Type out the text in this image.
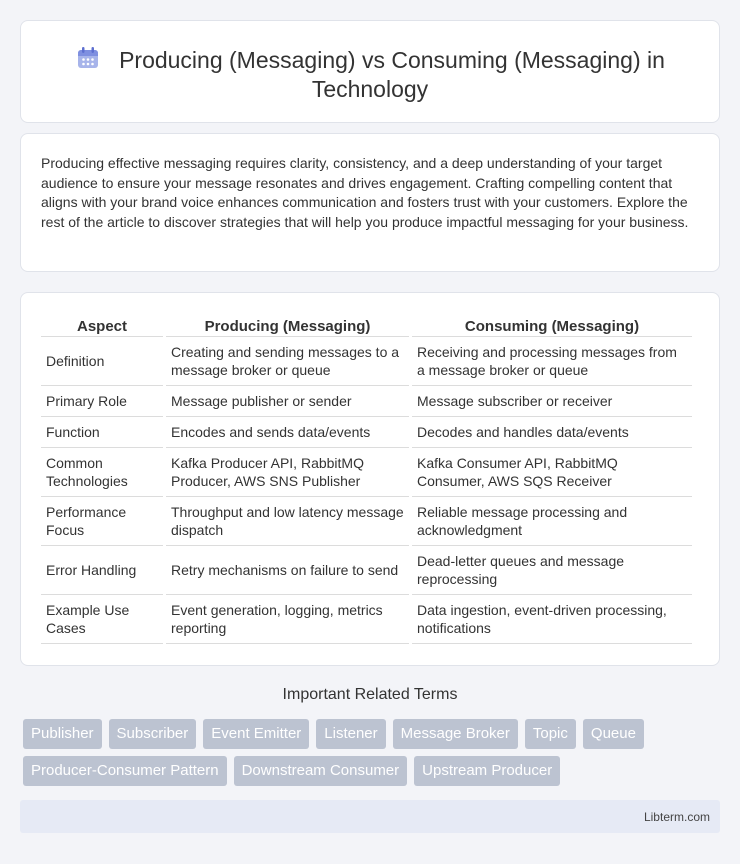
Producing (Messaging) vs Consuming (Messaging) in Technology

Producing effective messaging requires clarity, consistency, and a deep understanding of your target audience to ensure your message resonates and drives engagement. Crafting compelling content that aligns with your brand voice enhances communication and fosters trust with your customers. Explore the rest of the article to discover strategies that will help you produce impactful messaging for your business.

Aspect	Producing (Messaging)	Consuming (Messaging)
Definition	Creating and sending messages to a message broker or queue	Receiving and processing messages from a message broker or queue
Primary Role	Message publisher or sender	Message subscriber or receiver
Function	Encodes and sends data/events	Decodes and handles data/events
Common Technologies	Kafka Producer API, RabbitMQ Producer, AWS SNS Publisher	Kafka Consumer API, RabbitMQ Consumer, AWS SQS Receiver
Performance Focus	Throughput and low latency message dispatch	Reliable message processing and acknowledgment
Error Handling	Retry mechanisms on failure to send	Dead-letter queues and message reprocessing
Example Use Cases	Event generation, logging, metrics reporting	Data ingestion, event-driven processing, notifications
Important Related Terms
Publisher	Subscriber	Event Emitter	Listener	Message Broker	Topic	Queue
Producer-Consumer Pattern	Downstream Consumer	Upstream Producer
Libterm.com
